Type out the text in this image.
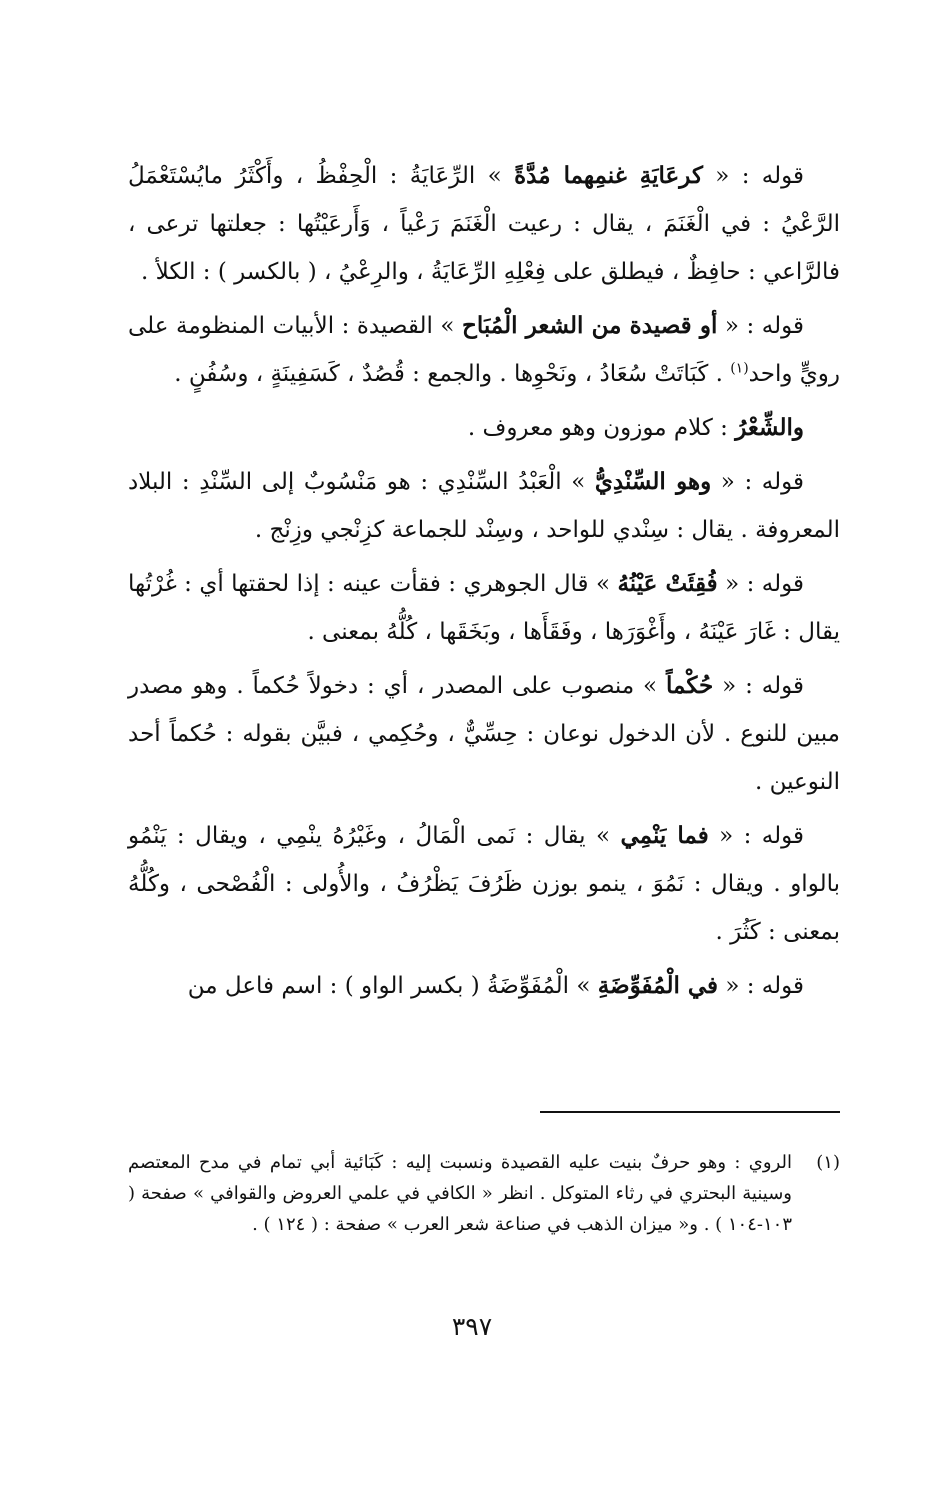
قوله : « كرعَايَةِ غنمِهما مُدَّةً » الرِّعَايَةُ : الْحِفْظُ ، وأَكْثَرُ مايُسْتَعْمَلُ الرَّعْيُ : في الْغَنَمَ ، يقال : رعيت الْغَنَمَ رَعْياً ، وَأَرعَيْتُها : جعلتها ترعى ، فالرَّاعي : حافِظٌ ، فيطلق على فِعْلِهِ الرِّعَايَةُ ، والرِعْيُ ، ( بالكسر ) : الكلأ .

قوله : « أو قصيدة من الشعر الْمُبَاح » القصيدة : الأبيات المنظومة على رويٍّ واحد$^{(١)}$ . كَبَاتَتْ سُعَادُ ، ونَحْوِها . والجمع : قُصُدٌ ، كَسَفِينَةٍ ، وسُفُنٍ .

والشِّعْرُ : كلام موزون وهو معروف .

قوله : « وهو السِّنْدِيُّ » الْعَبْدُ السِّنْدِي : هو مَنْسُوبٌ إلى السِّنْدِ : البلاد المعروفة . يقال : سِنْدي للواحد ، وسِنْد للجماعة كزِنْجي وزِنْج .

قوله : « فُقِئَتْ عَيْنُهُ » قال الجوهري : فقأت عينه : إذا لحقتها أي : غُرْتُها يقال : غَارَ عَيْنَهُ ، وأَغْوَرَها ، وفَقَأَها ، وبَخَقَها ، كُلُّهُ بمعنى .

قوله : « حُكْماً » منصوب على المصدر ، أي : دخولاً حُكماً . وهو مصدر مبين للنوع . لأن الدخول نوعان : حِسِّيٌّ ، وحُكِمي ، فبيَّن بقوله : حُكماً أحد النوعين .

قوله : « فما يَنْمِي » يقال : نَمى الْمَالُ ، وغَيْرُهُ ينْمِي ، ويقال : يَنْمُو بالواو . ويقال : نَمُوَ ، ينمو بوزن ظَرُفَ يَظْرُفُ ، والأُولى : الْفُصْحى ، وكُلُّهُ بمعنى : كَثُرَ .

قوله : « في الْمُفَوِّضَةِ » الْمُفَوِّضَةُ ( بكسر الواو ) : اسم فاعل من

(١)
الروي : وهو حرفٌ بنيت عليه القصيدة ونسبت إليه : كَبَائية أبي تمام في مدح المعتصم وسينية البحتري في رثاء المتوكل . انظر « الكافي في علمي العروض والقوافي » صفحة ( ١٠٣-١٠٤ ) . و« ميزان الذهب في صناعة شعر العرب » صفحة : ( ١٢٤ ) .
٣٩٧
